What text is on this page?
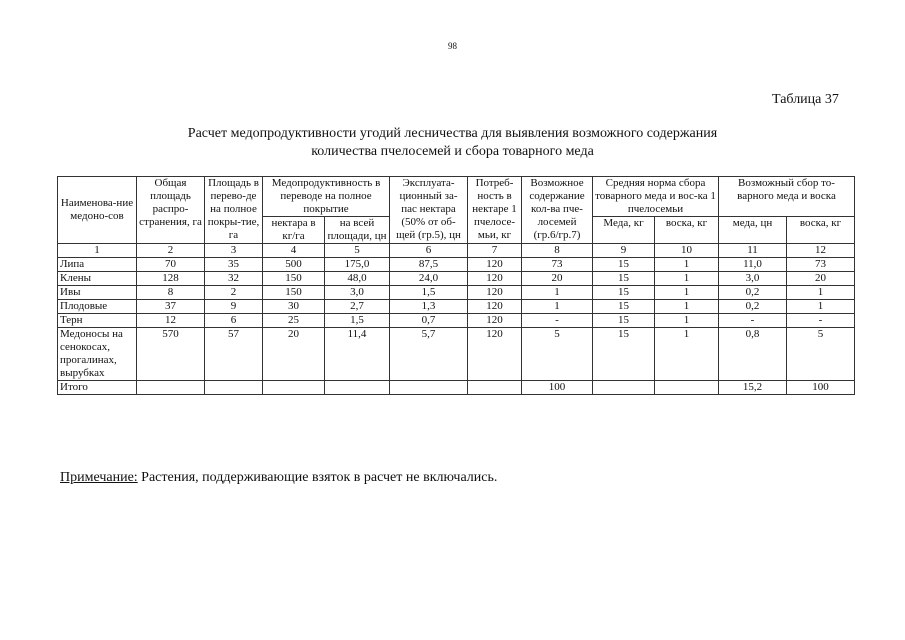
98
Таблица 37
Расчет медопродуктивности угодий лесничества для выявления возможного содержания
количества пчелосемей и сбора товарного меда
Наименова-ние медоно-сов	Общая площадь распро-странения, га	Площадь в перево-де на полное покры-тие, га	Медопродуктивность в переводе на полное покрытие		Эксплуата-ционный за-пас нектара (50% от об-щей (гр.5), цн	Потреб-ность в нектаре 1 пчелосе-мьи, кг	Возможное содержание кол-ва пче-лосемей (гр.6/гр.7)	Средняя норма сбора товарного меда и вос-ка 1 пчелосемьи		Возможный сбор то-варного меда и воска	
			нектара в кг/га	на всей площади, цн				Меда, кг	воска, кг	меда, цн	воска, кг
1	2	3	4	5	6	7	8	9	10	11	12
Липа	70	35	500	175,0	87,5	120	73	15	1	11,0	73
Клены	128	32	150	48,0	24,0	120	20	15	1	3,0	20
Ивы	8	2	150	3,0	1,5	120	1	15	1	0,2	1
Плодовые	37	9	30	2,7	1,3	120	1	15	1	0,2	1
Терн	12	6	25	1,5	0,7	120	-	15	1	-	-
Медоносы на сенокосах, прогалинах, вырубках	570	57	20	11,4	5,7	120	5	15	1	0,8	5
Итого							100			15,2	100
Примечание: Растения, поддерживающие взяток в расчет не включались.
